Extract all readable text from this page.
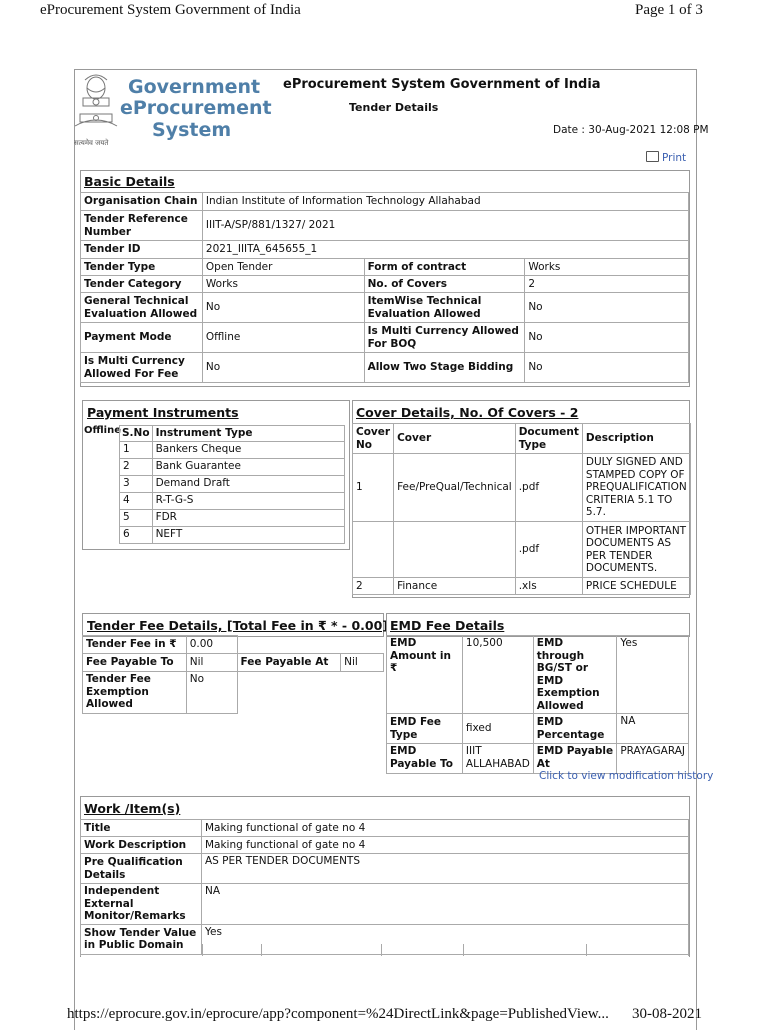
eProcurement System Government of India	Page 1 of 3
सत्यमेव जयते
Government
eProcurement
System
eProcurement System Government of India
Tender Details
Date : 30-Aug-2021 12:08 PM
Print
Basic Details
Organisation Chain	Indian Institute of Information Technology Allahabad		
Tender Reference Number	IIIT-A/SP/881/1327/ 2021		
Tender ID	2021_IIITA_645655_1		
Tender Type	Open Tender	Form of contract	Works
Tender Category	Works	No. of Covers	2
General Technical Evaluation Allowed	No	ItemWise Technical Evaluation Allowed	No
Payment Mode	Offline	Is Multi Currency Allowed For BOQ	No
Is Multi Currency Allowed For Fee	No	Allow Two Stage Bidding	No
Payment Instruments
Offline S.No	Instrument Type
1	Bankers Cheque
2	Bank Guarantee
3	Demand Draft
4	R-T-G-S
5	FDR
6	NEFT
Cover Details, No. Of Covers - 2
Cover No	Cover	Document Type	Description
1	Fee/PreQual/Technical	.pdf	DULY SIGNED AND STAMPED COPY OF PREQUALIFICATION CRITERIA 5.1 TO 5.7.
		.pdf	OTHER IMPORTANT DOCUMENTS AS PER TENDER DOCUMENTS.
2	Finance	.xls	PRICE SCHEDULE
Tender Fee Details, [Total Fee in ₹ * - 0.00]
Tender Fee in ₹	0.00		
Fee Payable To	Nil	Fee Payable At	Nil
Tender Fee Exemption Allowed	No		
EMD Fee Details
EMD Amount in ₹	10,500	EMD through BG/ST or EMD Exemption Allowed	Yes
EMD Fee Type	fixed	EMD Percentage	NA
EMD Payable To	IIIT ALLAHABAD	EMD Payable At	PRAYAGARAJ
Click to view modification history
Work /Item(s)
Title	Making functional of gate no 4
Work Description	Making functional of gate no 4
Pre Qualification Details	AS PER TENDER DOCUMENTS
Independent External Monitor/Remarks	NA
Show Tender Value in Public Domain	Yes
https://eprocure.gov.in/eprocure/app?component=%24DirectLink&page=PublishedView... 30-08-2021
